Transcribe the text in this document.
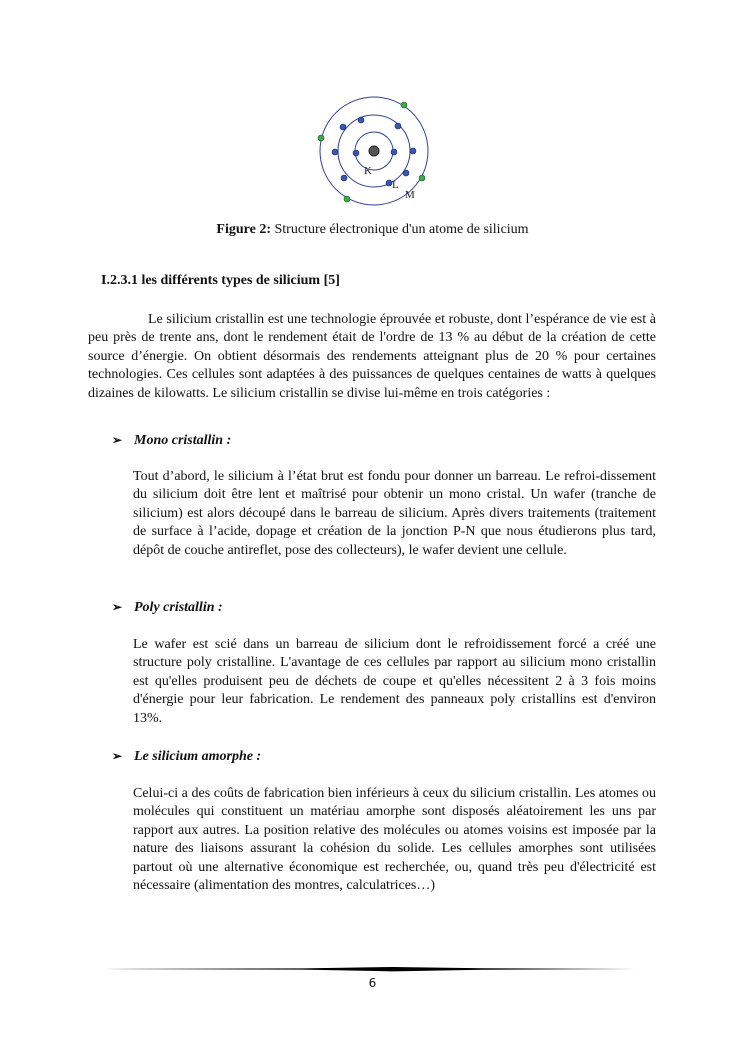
K
L
M
Figure 2: Structure électronique d'un atome de silicium
I.2.3.1 les différents types de silicium [5]
Le silicium cristallin est une technologie éprouvée et robuste, dont l’espérance de vie est à peu près de trente ans, dont le rendement était de l'ordre de 13 % au début de la création de cette source d’énergie. On obtient désormais des rendements atteignant plus de 20 % pour certaines technologies. Ces cellules sont adaptées à des puissances de quelques centaines de watts à quelques dizaines de kilowatts. Le silicium cristallin se divise lui-même en trois catégories :
➢ Mono cristallin :
Tout d’abord, le silicium à l’état brut est fondu pour donner un barreau. Le refroi-dissement du silicium doit être lent et maîtrisé pour obtenir un mono cristal. Un wafer (tranche de silicium) est alors découpé dans le barreau de silicium. Après divers traitements (traitement de surface à l’acide, dopage et création de la jonction P-N que nous étudierons plus tard, dépôt de couche antireflet, pose des collecteurs), le wafer devient une cellule.
➢ Poly cristallin :
Le wafer est scié dans un barreau de silicium dont le refroidissement forcé a créé une structure poly cristalline. L'avantage de ces cellules par rapport au silicium mono cristallin est qu'elles produisent peu de déchets de coupe et qu'elles nécessitent 2 à 3 fois moins d'énergie pour leur fabrication. Le rendement des panneaux poly cristallins est d'environ 13%.
➢ Le silicium amorphe :
Celui-ci a des coûts de fabrication bien inférieurs à ceux du silicium cristallin. Les atomes ou molécules qui constituent un matériau amorphe sont disposés aléatoirement les uns par rapport aux autres. La position relative des molécules ou atomes voisins est imposée par la nature des liaisons assurant la cohésion du solide. Les cellules amorphes sont utilisées partout où une alternative économique est recherchée, ou, quand très peu d'électricité est nécessaire (alimentation des montres, calculatrices…)
6
